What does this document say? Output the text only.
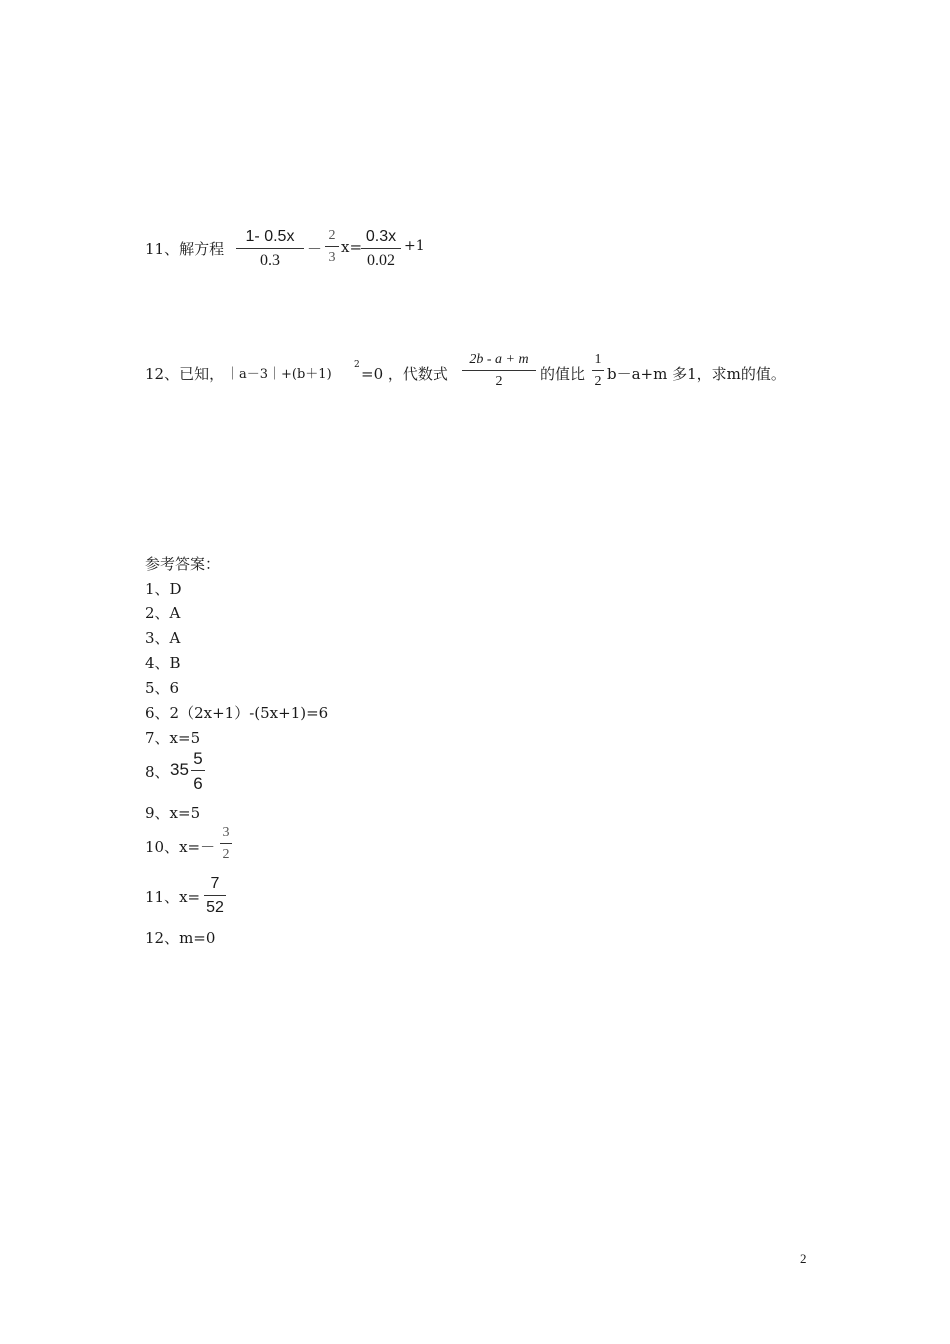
11、解方程
1- 0.5x
0.3
－
2
3
x=
0.3x
0.02
+1
12、已知， ｜a－3｜+(b＋1)
2 =0 ，代数式
2b - a + m
2	的值比
1
2 b－a+m 多1，求m的值。
参考答案：
1、D
2、A
3、A
4、B
5、6
6、2（2x+1）-(5x+1)=6
7、x=5
8、 35
5
6
9、x=5
10、x=－
3
2
11、x=
7
52
12、m=0
2
